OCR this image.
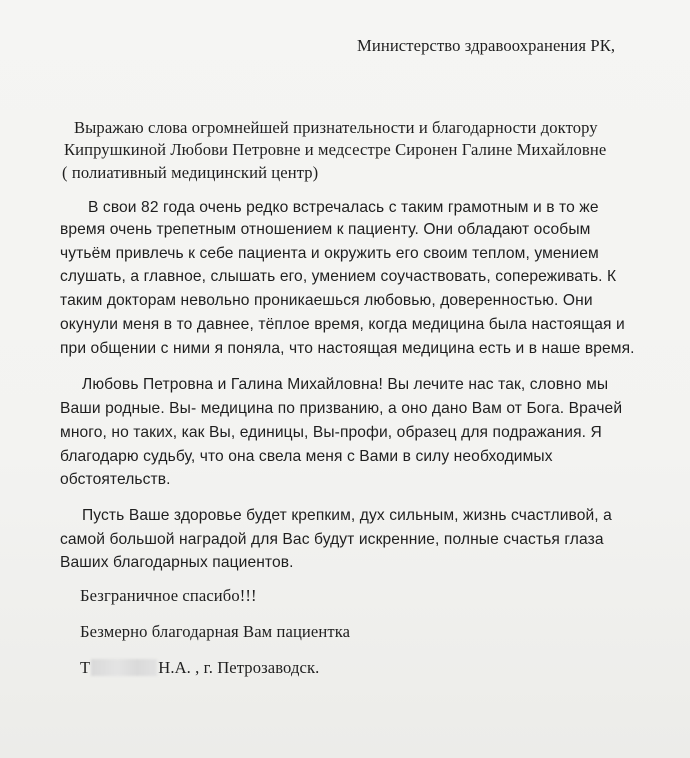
Министерство здравоохранения РК,
Выражаю слова огромнейшей признательности и благодарности доктору
Кипрушкиной Любови Петровне и медсестре Сиронен Галине Михайловне
( полиативный медицинский центр)
В свои 82 года очень редко встречалась с таким грамотным и в то же
время очень трепетным отношением к пациенту. Они обладают особым
чутьём привлечь к себе пациента и окружить его своим теплом, умением
слушать, а главное, слышать его, умением соучаствовать, сопереживать. К
таким докторам невольно проникаешься любовью, доверенностью. Они
окунули меня в то давнее, тёплое время, когда медицина была настоящая и
при общении с ними я поняла, что настоящая медицина есть и в наше время.
Любовь Петровна и Галина Михайловна! Вы лечите нас так, словно мы
Ваши родные. Вы- медицина по призванию, а оно дано Вам от Бога. Врачей
много, но таких, как Вы, единицы, Вы-профи, образец для подражания. Я
благодарю судьбу, что она свела меня с Вами в силу необходимых
обстоятельств.
Пусть Ваше здоровье будет крепким, дух сильным, жизнь счастливой, а
самой большой наградой для Вас будут искренние, полные счастья глаза
Ваших благодарных пациентов.
Безграничное спасибо!!!
Безмерно благодарная Вам пациентка
Т	Н.А. , г. Петрозаводск.
